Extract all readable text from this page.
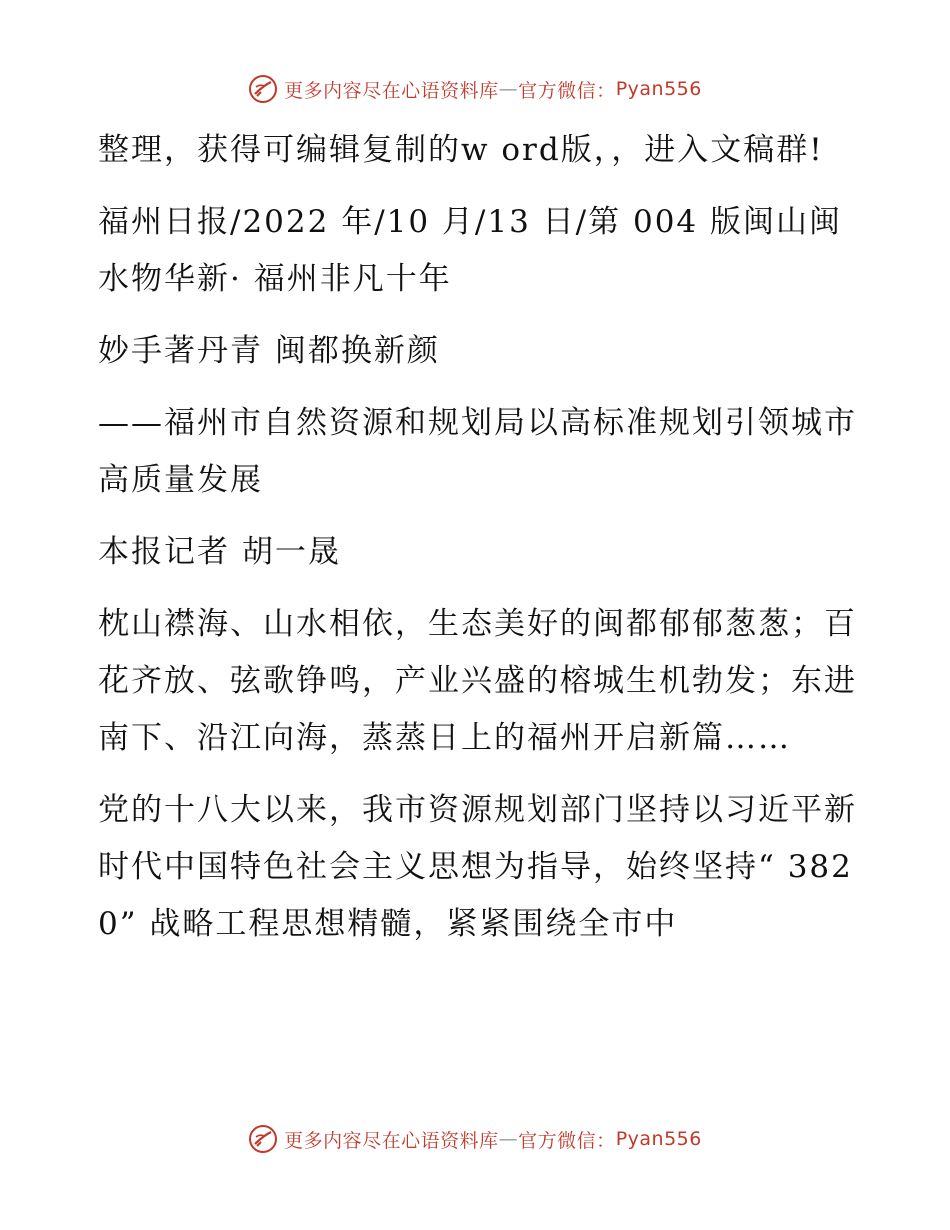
更多内容尽在心语资料库 — 官方微信： Pyan556

整理，获得可编辑复制的w ord版，，进入文稿群!

福州日报/2022 年/10 月/13 日/第 004 版闽山闽水物华新· 福州非凡十年

妙手著丹青 闽都换新颜

——福州市自然资源和规划局以高标准规划引领城市高质量发展

本报记者 胡一晟

枕山襟海、山水相依，生态美好的闽都郁郁葱葱；百花齐放、弦歌铮鸣，产业兴盛的榕城生机勃发；东进南下、沿江向海，蒸蒸日上的福州开启新篇……

党的十八大以来，我市资源规划部门坚持以习近平新时代中国特色社会主义思想为指导，始终坚持“ 3820” 战略工程思想精髓，紧紧围绕全市中

更多内容尽在心语资料库 — 官方微信： Pyan556
